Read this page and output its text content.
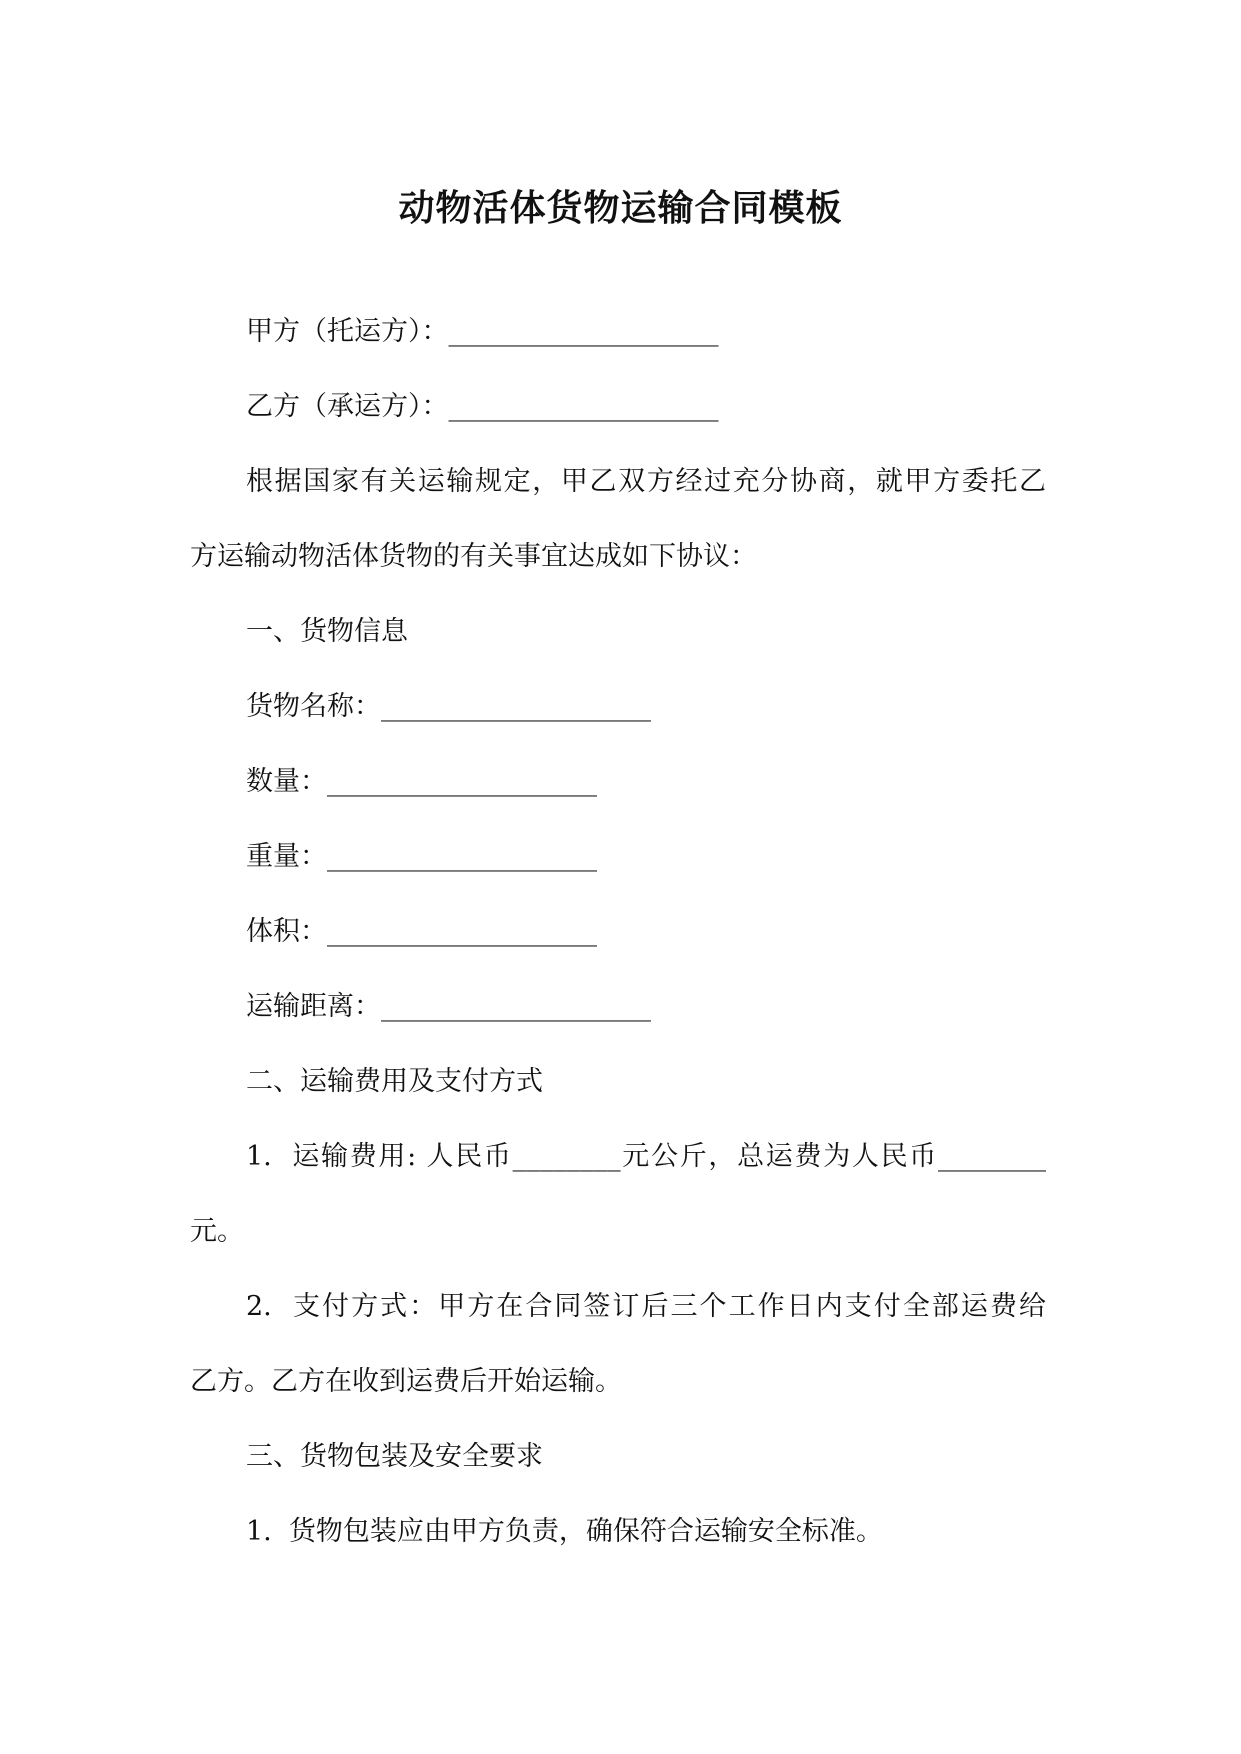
动物活体货物运输合同模板
甲方（托运方）：____________________
乙方（承运方）：____________________
根据国家有关运输规定，甲乙双方经过充分协商，就甲方委托乙
方运输动物活体货物的有关事宜达成如下协议：
一、货物信息
货物名称：____________________
数量：____________________
重量：____________________
体积：____________________
运输距离：____________________
二、运输费用及支付方式
1.  运输费用: 人民币________元公斤，总运费为人民币________
元。
2.  支付方式：甲方在合同签订后三个工作日内支付全部运费给
乙方。乙方在收到运费后开始运输。
三、货物包装及安全要求
1.  货物包装应由甲方负责，确保符合运输安全标准。
